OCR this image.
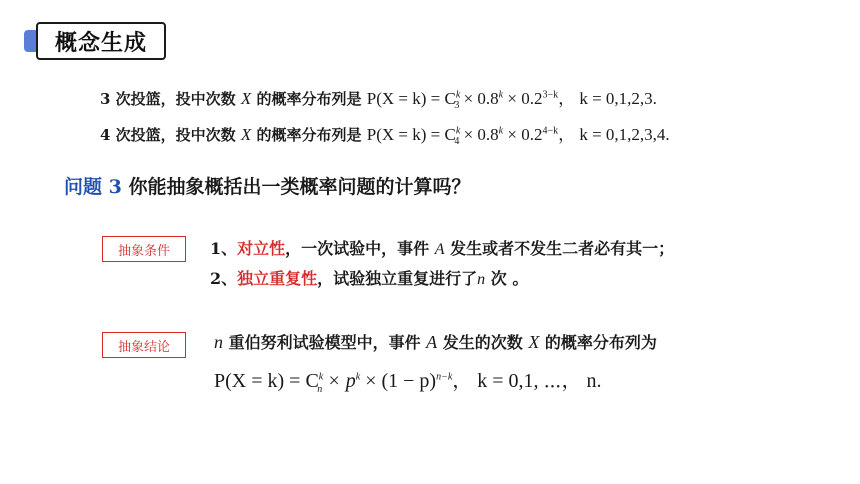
概念生成
3 次投篮，投中次数 X 的概率分布列是 $P(X = k) = C^k_3 \times 0.8^k \times 0.2^{3-k}$， k = 0,1,2,3.
4 次投篮，投中次数 X 的概率分布列是 $P(X = k) = C^k_4 \times 0.8^k \times 0.2^{4-k}$， k = 0,1,2,3,4.
问题 3 你能抽象概括出一类概率问题的计算吗？
抽象条件	1、对立性，一次试验中，事件 A 发生或者不发生二者必有其一；
2、独立重复性，试验独立重复进行了n 次 。
抽象结论	n 重伯努利试验模型中，事件 A 发生的次数 X 的概率分布列为
$P(X = k) = C^k_n \times p^k \times (1 - p)^{n-k}$， k = 0,1, ⋯， n.
